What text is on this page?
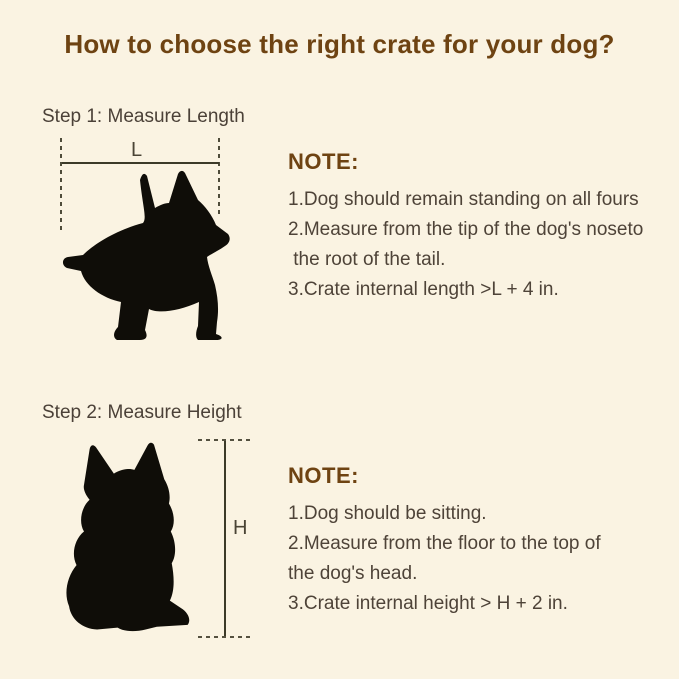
How to choose the right crate for your dog?
Step 1: Measure Length
L	NOTE:
1.Dog should remain standing on all fours
2.Measure from the tip of the dog's noseto
the root of the tail.
3.Crate internal length >L + 4 in.
Step 2: Measure Height
H
NOTE:
1.Dog should be sitting.
2.Measure from the floor to the top of
the dog's head.
3.Crate internal height > H + 2 in.
